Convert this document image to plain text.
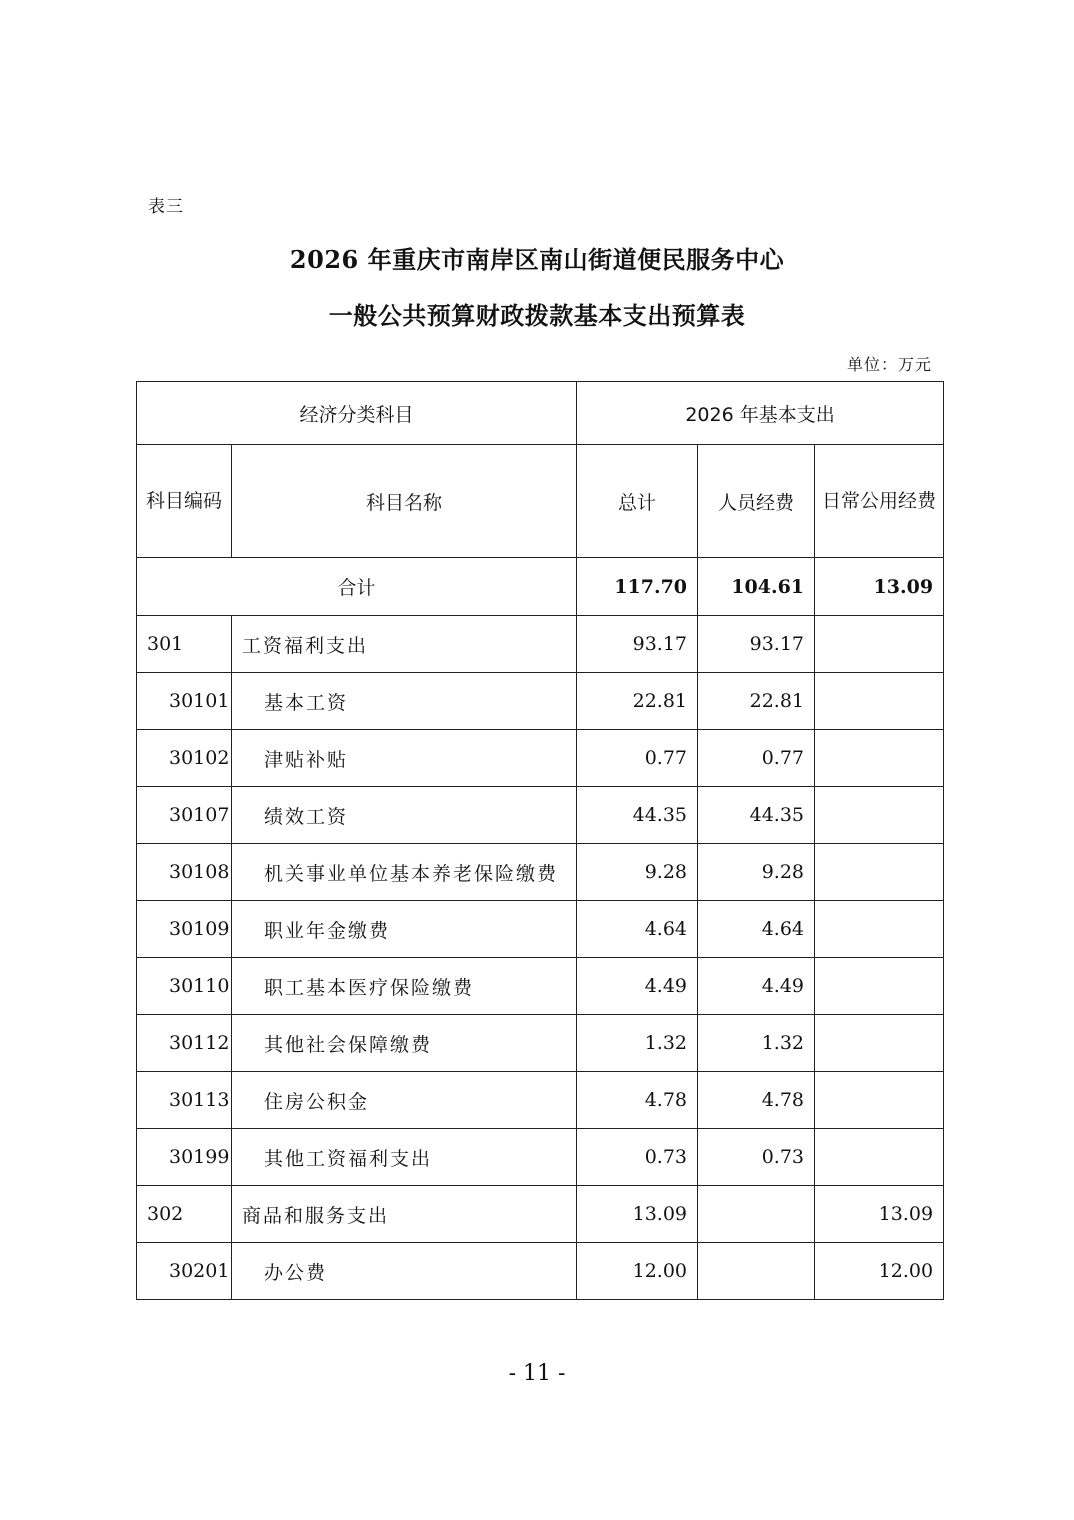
表三
2026 年重庆市南岸区南山街道便民服务中心
一般公共预算财政拨款基本支出预算表
单位：万元
经济分类科目		2026 年基本支出		

科目编码	科目名称	总计	人员经费	日常公用经费

合计		117.70	104.61	13.09
301	工资福利支出	93.17	93.17	
30101	基本工资	22.81	22.81	
30102	津贴补贴	0.77	0.77	
30107	绩效工资	44.35	44.35	
30108	机关事业单位基本养老保险缴费	9.28	9.28	
30109	职业年金缴费	4.64	4.64	
30110	职工基本医疗保险缴费	4.49	4.49	
30112	其他社会保障缴费	1.32	1.32	
30113	住房公积金	4.78	4.78	
30199	其他工资福利支出	0.73	0.73	
302	商品和服务支出	13.09		13.09
30201	办公费	12.00		12.00
- 11 -
